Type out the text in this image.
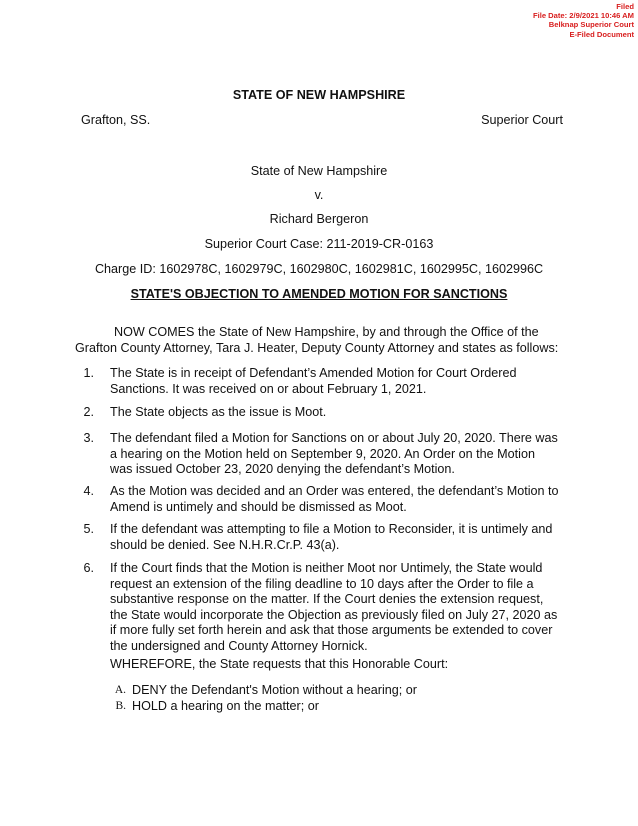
Filed
File Date: 2/9/2021 10:46 AM
Belknap Superior Court
E-Filed Document
STATE OF NEW HAMPSHIRE
Grafton, SS.	Superior Court
State of New Hampshire
v.
Richard Bergeron
Superior Court Case: 211-2019-CR-0163
Charge ID: 1602978C, 1602979C, 1602980C, 1602981C, 1602995C, 1602996C
STATE'S OBJECTION TO AMENDED MOTION FOR SANCTIONS
NOW COMES the State of New Hampshire, by and through the Office of the
Grafton County Attorney, Tara J. Heater, Deputy County Attorney and states as follows:
1. The State is in receipt of Defendant’s Amended Motion for Court Ordered
Sanctions. It was received on or about February 1, 2021.
2. The State objects as the issue is Moot.
3. The defendant filed a Motion for Sanctions on or about July 20, 2020. There was
a hearing on the Motion held on September 9, 2020. An Order on the Motion
was issued October 23, 2020 denying the defendant’s Motion.
4. As the Motion was decided and an Order was entered, the defendant’s Motion to
Amend is untimely and should be dismissed as Moot.
5. If the defendant was attempting to file a Motion to Reconsider, it is untimely and
should be denied. See N.H.R.Cr.P. 43(a).
6. If the Court finds that the Motion is neither Moot nor Untimely, the State would
request an extension of the filing deadline to 10 days after the Order to file a
substantive response on the matter. If the Court denies the extension request,
the State would incorporate the Objection as previously filed on July 27, 2020 as
if more fully set forth herein and ask that those arguments be extended to cover
the undersigned and County Attorney Hornick.
WHEREFORE, the State requests that this Honorable Court:
A. DENY the Defendant's Motion without a hearing; or
B. HOLD a hearing on the matter; or
